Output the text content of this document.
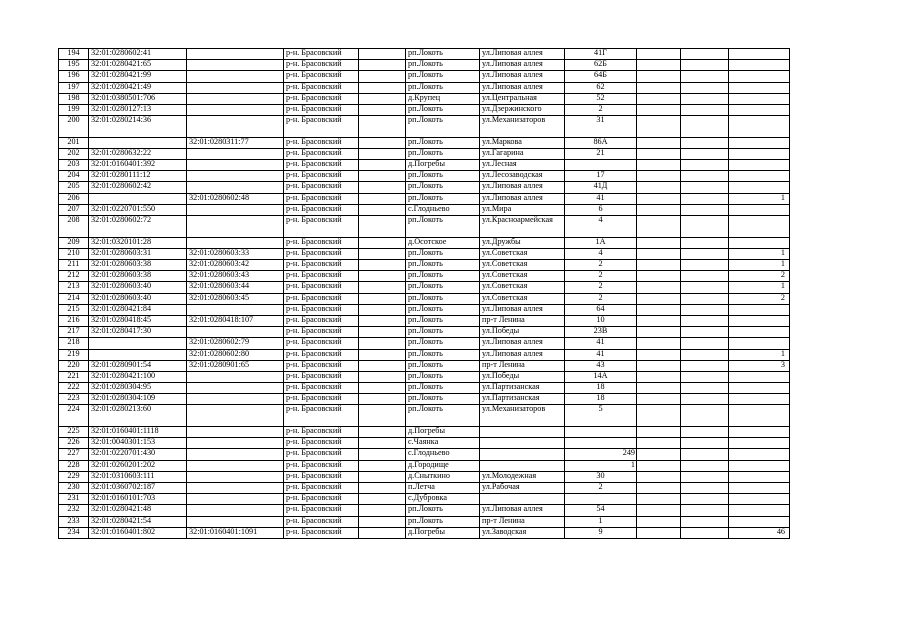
194	32:01:0280602:41		р-н. Брасовский		рп.Локоть	ул.Липовая аллея	41Г			
195	32:01:0280421:65		р-н. Брасовский		рп.Локоть	ул.Липовая аллея	62Б			
196	32:01:0280421:99		р-н. Брасовский		рп.Локоть	ул.Липовая аллея	64Б			
197	32:01:0280421:49		р-н. Брасовский		рп.Локоть	ул.Липовая аллея	62			
198	32:01:0380501:706		р-н. Брасовский		д.Крупец	ул.Центральная	52			
199	32:01:0280127:13		р-н. Брасовский		рп.Локоть	ул.Дзержинского	2			
200	32:01:0280214:36		р-н. Брасовский		рп.Локоть	ул.Механизаторов	31			
201		32:01:0280311:77	р-н. Брасовский		рп.Локоть	ул.Маркова	86А			
202	32:01:0280632:22		р-н. Брасовский		рп.Локоть	ул.Гагарина	21			
203	32:01:0160401:392		р-н. Брасовский		д.Погребы	ул.Лесная				
204	32:01:0280111:12		р-н. Брасовский		рп.Локоть	ул.Лесозаводская	17			
205	32:01:0280602:42		р-н. Брасовский		рп.Локоть	ул.Липовая аллея	41Д			
206		32:01:0280602:48	р-н. Брасовский		рп.Локоть	ул.Липовая аллея	41			1
207	32:01:0220701:550		р-н. Брасовский		с.Глодньево	ул.Мира	6			
208	32:01:0280602:72		р-н. Брасовский		рп.Локоть	ул.Красноармейская	4			
209	32:01:0320101:28		р-н. Брасовский		д.Осотское	ул.Дружбы	1А			
210	32:01:0280603:31	32:01:0280603:33	р-н. Брасовский		рп.Локоть	ул.Советская	4			1
211	32:01:0280603:38	32:01:0280603:42	р-н. Брасовский		рп.Локоть	ул.Советская	2			1
212	32:01:0280603:38	32:01:0280603:43	р-н. Брасовский		рп.Локоть	ул.Советская	2			2
213	32:01:0280603:40	32:01:0280603:44	р-н. Брасовский		рп.Локоть	ул.Советская	2			1
214	32:01:0280603:40	32:01:0280603:45	р-н. Брасовский		рп.Локоть	ул.Советская	2			2
215	32:01:0280421:84		р-н. Брасовский		рп.Локоть	ул.Липовая аллея	64			
216	32:01:0280418:45	32:01:0280418:107	р-н. Брасовский		рп.Локоть	пр-т Ленина	10			
217	32:01:0280417:30		р-н. Брасовский		рп.Локоть	ул.Победы	23В			
218		32:01:0280602:79	р-н. Брасовский		рп.Локоть	ул.Липовая аллея	41			
219		32:01:0280602:80	р-н. Брасовский		рп.Локоть	ул.Липовая аллея	41			1
220	32:01:0280901:54	32:01:0280901:65	р-н. Брасовский		рп.Локоть	пр-т Ленина	43			3
221	32:01:0280421:100		р-н. Брасовский		рп.Локоть	ул.Победы	14А			
222	32:01:0280304:95		р-н. Брасовский		рп.Локоть	ул.Партизанская	18			
223	32:01:0280304:109		р-н. Брасовский		рп.Локоть	ул.Партизанская	18			
224	32:01:0280213:60		р-н. Брасовский		рп.Локоть	ул.Механизаторов	5			
225	32:01:0160401:1118		р-н. Брасовский		д.Погребы					
226	32:01:0040301:153		р-н. Брасовский		с.Чаянка					
227	32:01:0220701:430		р-н. Брасовский		с.Глодньево		249			
228	32:01:0260201:202		р-н. Брасовский		д.Городище		1			
229	32:01:0310603:111		р-н. Брасовский		д.Сныткино	ул.Молодежная	30			
230	32:01:0360702:187		р-н. Брасовский		п.Летча	ул.Рабочая	2			
231	32:01:0160101:703		р-н. Брасовский		с.Дубровка					
232	32:01:0280421:48		р-н. Брасовский		рп.Локоть	ул.Липовая аллея	54			
233	32:01:0280421:54		р-н. Брасовский		рп.Локоть	пр-т Ленина	1			
234	32:01:0160401:802	32:01:0160401:1091	р-н. Брасовский		д.Погребы	ул.Заводская	9			46
